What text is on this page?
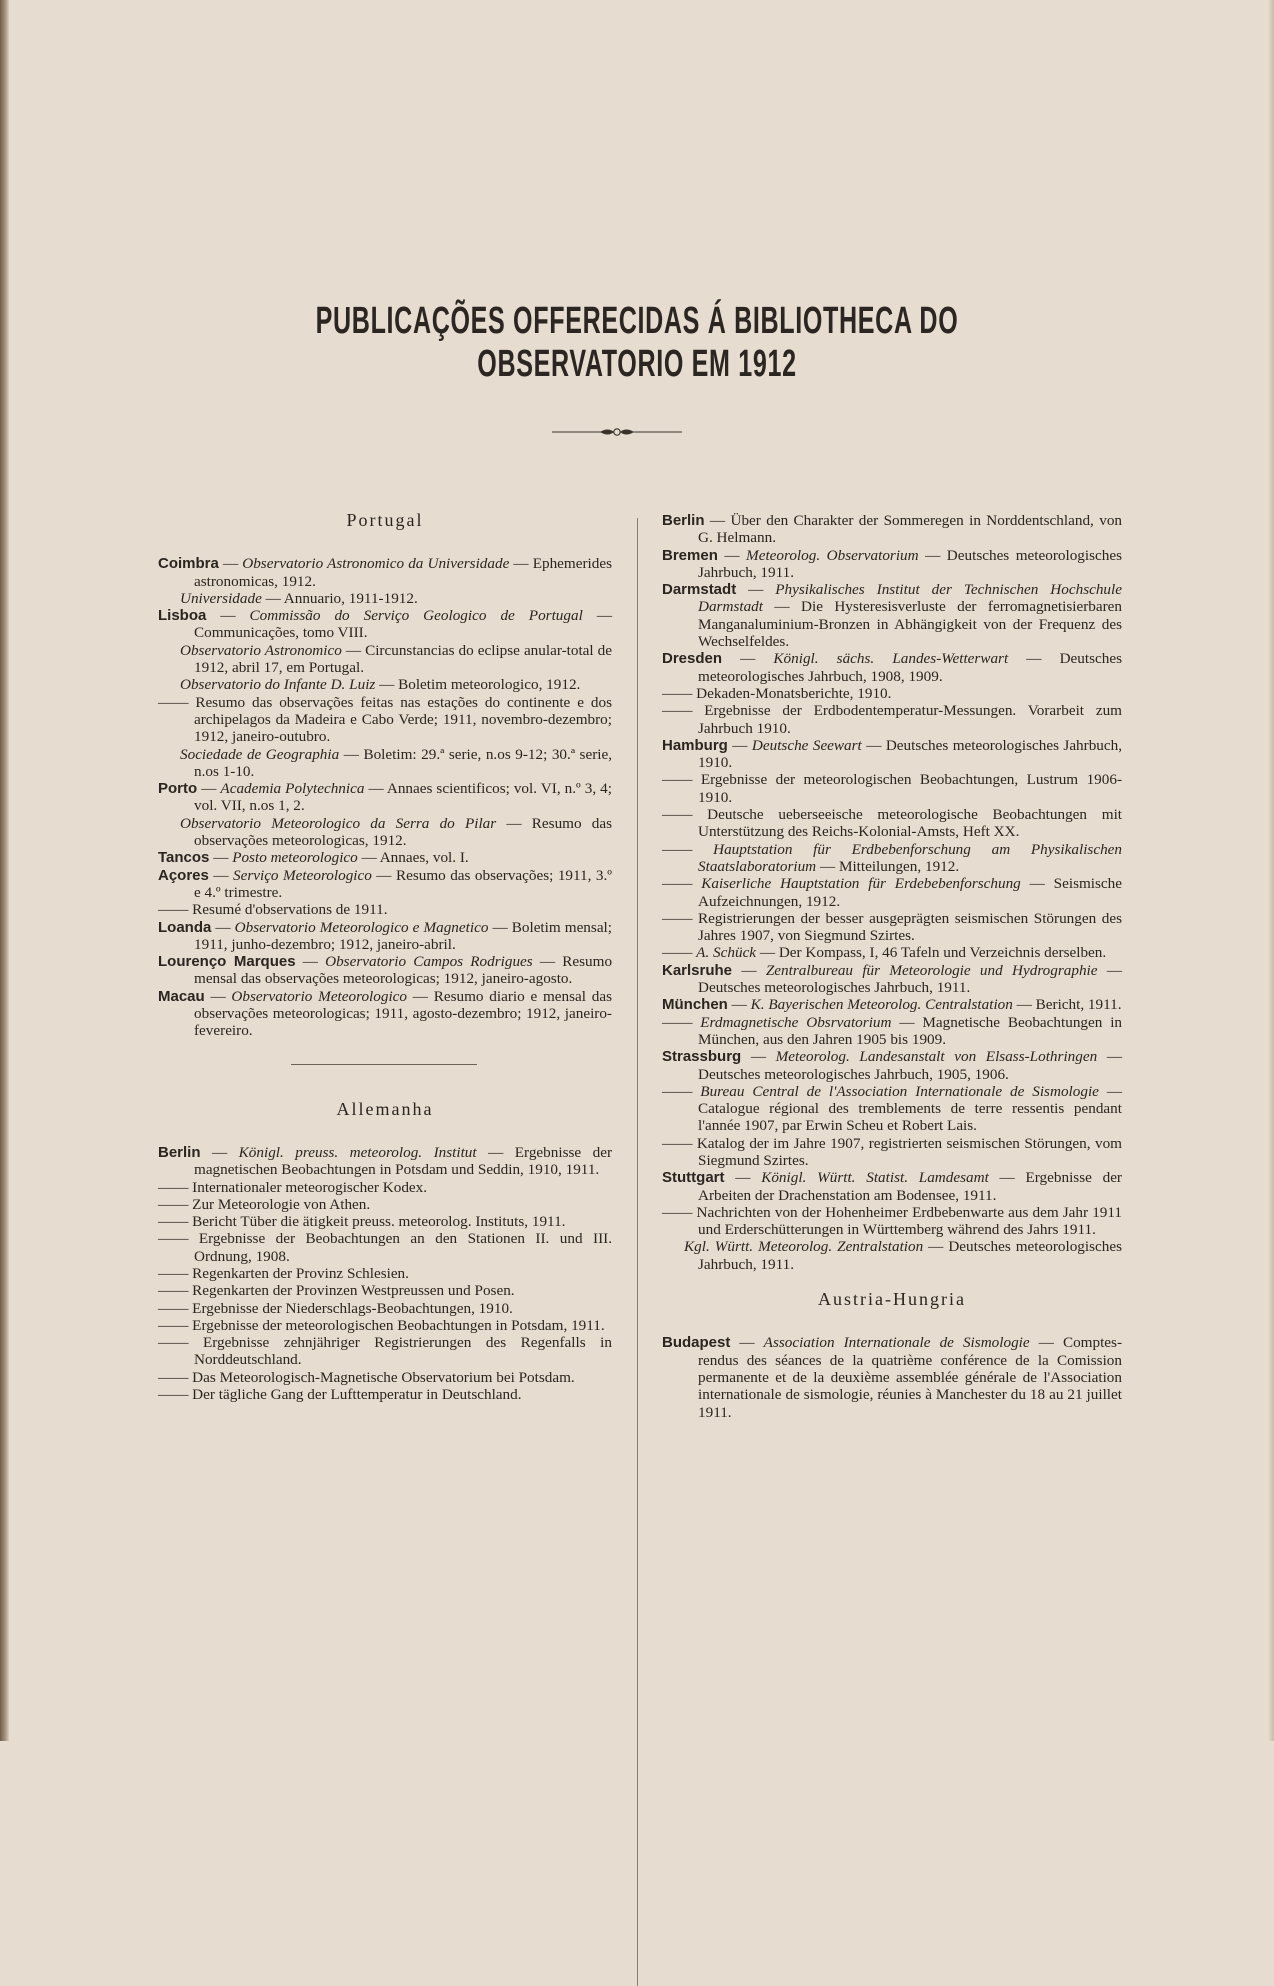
PUBLICAÇÕES OFFERECIDAS Á BIBLIOTHECA DO OBSERVATORIO EM 1912
Portugal

Coimbra — Observatorio Astronomico da Universidade — Ephemerides astronomicas, 1912.

Universidade — Annuario, 1911-1912.

Lisboa — Commissão do Serviço Geologico de Portugal — Communicações, tomo VIII.

Observatorio Astronomico — Circunstancias do eclipse anular-total de 1912, abril 17, em Portugal.

Observatorio do Infante D. Luiz — Boletim meteorologico, 1912.

—— Resumo das observações feitas nas estações do continente e dos archipelagos da Madeira e Cabo Verde; 1911, novembro-dezembro; 1912, janeiro-outubro.

Sociedade de Geographia — Boletim: 29.ª serie, n.os 9-12; 30.ª serie, n.os 1-10.

Porto — Academia Polytechnica — Annaes scientificos; vol. VI, n.º 3, 4; vol. VII, n.os 1, 2.

Observatorio Meteorologico da Serra do Pilar — Resumo das observações meteorologicas, 1912.

Tancos — Posto meteorologico — Annaes, vol. I.

Açores — Serviço Meteorologico — Resumo das observações; 1911, 3.º e 4.º trimestre.

—— Resumé d'observations de 1911.

Loanda — Observatorio Meteorologico e Magnetico — Boletim mensal; 1911, junho-dezembro; 1912, janeiro-abril.

Lourenço Marques — Observatorio Campos Rodrigues — Resumo mensal das observações meteorologicas; 1912, janeiro-agosto.

Macau — Observatorio Meteorologico — Resumo diario e mensal das observações meteorologicas; 1911, agosto-dezembro; 1912, janeiro-fevereiro.

Allemanha

Berlin — Königl. preuss. meteorolog. Institut — Ergebnisse der magnetischen Beobachtungen in Potsdam und Seddin, 1910, 1911.

—— Internationaler meteorogischer Kodex.

—— Zur Meteorologie von Athen.

—— Bericht Tüber die ätigkeit preuss. meteorolog. Instituts, 1911.

—— Ergebnisse der Beobachtungen an den Stationen II. und III. Ordnung, 1908.

—— Regenkarten der Provinz Schlesien.

—— Regenkarten der Provinzen Westpreussen und Posen.

—— Ergebnisse der Niederschlags-Beobachtungen, 1910.

—— Ergebnisse der meteorologischen Beobachtungen in Potsdam, 1911.

—— Ergebnisse zehnjähriger Registrierungen des Regenfalls in Norddeutschland.

—— Das Meteorologisch-Magnetische Observatorium bei Potsdam.

—— Der tägliche Gang der Lufttemperatur in Deutschland.

Berlin — Über den Charakter der Sommeregen in Norddentschland, von G. Helmann.

Bremen — Meteorolog. Observatorium — Deutsches meteorologisches Jahrbuch, 1911.

Darmstadt — Physikalisches Institut der Technischen Hochschule Darmstadt — Die Hysteresisverluste der ferromagnetisierbaren Manganaluminium-Bronzen in Abhängigkeit von der Frequenz des Wechselfeldes.

Dresden — Königl. sächs. Landes-Wetterwart — Deutsches meteorologisches Jahrbuch, 1908, 1909.

—— Dekaden-Monatsberichte, 1910.

—— Ergebnisse der Erdbodentemperatur-Messungen. Vorarbeit zum Jahrbuch 1910.

Hamburg — Deutsche Seewart — Deutsches meteorologisches Jahrbuch, 1910.

—— Ergebnisse der meteorologischen Beobachtungen, Lustrum 1906-1910.

—— Deutsche ueberseeische meteorologische Beobachtungen mit Unterstützung des Reichs-Kolonial-Amsts, Heft XX.

—— Hauptstation für Erdbebenforschung am Physikalischen Staatslaboratorium — Mitteilungen, 1912.

—— Kaiserliche Hauptstation für Erdebebenforschung — Seismische Aufzeichnungen, 1912.

—— Registrierungen der besser ausgeprägten seismischen Störungen des Jahres 1907, von Siegmund Szirtes.

—— A. Schück — Der Kompass, I, 46 Tafeln und Verzeichnis derselben.

Karlsruhe — Zentralbureau für Meteorologie und Hydrographie — Deutsches meteorologisches Jahrbuch, 1911.

München — K. Bayerischen Meteorolog. Centralstation — Bericht, 1911.

—— Erdmagnetische Obsrvatorium — Magnetische Beobachtungen in München, aus den Jahren 1905 bis 1909.

Strassburg — Meteorolog. Landesanstalt von Elsass-Lothringen — Deutsches meteorologisches Jahrbuch, 1905, 1906.

—— Bureau Central de l'Association Internationale de Sismologie — Catalogue régional des tremblements de terre ressentis pendant l'année 1907, par Erwin Scheu et Robert Lais.

—— Katalog der im Jahre 1907, registrierten seismischen Störungen, vom Siegmund Szirtes.

Stuttgart — Königl. Württ. Statist. Lamdesamt — Ergebnisse der Arbeiten der Drachenstation am Bodensee, 1911.

—— Nachrichten von der Hohenheimer Erdbebenwarte aus dem Jahr 1911 und Erderschütterungen in Württemberg während des Jahrs 1911.

Kgl. Württ. Meteorolog. Zentralstation — Deutsches meteorologisches Jahrbuch, 1911.

Austria-Hungria

Budapest — Association Internationale de Sismologie — Comptes-rendus des séances de la quatrième conférence de la Comission permanente et de la deuxième assemblée générale de l'Association internationale de sismologie, réunies à Manchester du 18 au 21 juillet 1911.
